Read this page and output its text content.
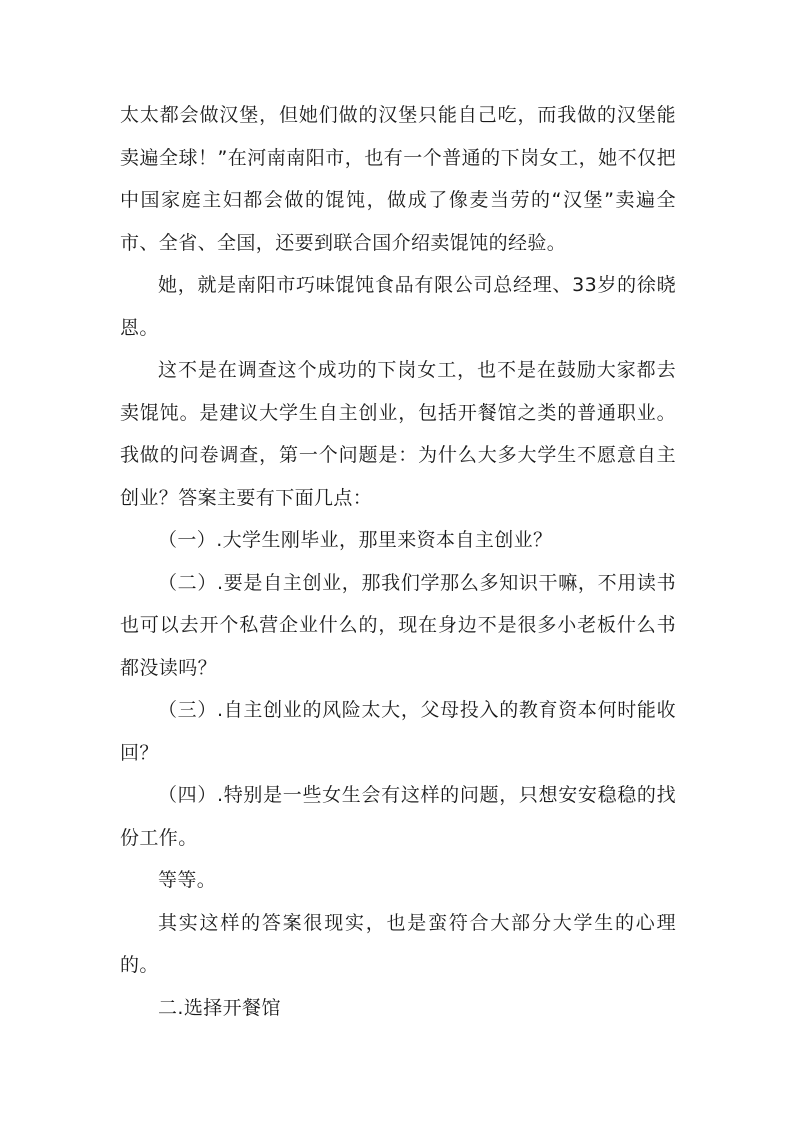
太太都会做汉堡，但她们做的汉堡只能自己吃，而我做的汉堡能卖遍全球！”在河南南阳市，也有一个普通的下岗女工，她不仅把中国家庭主妇都会做的馄饨，做成了像麦当劳的“汉堡”卖遍全市、全省、全国，还要到联合国介绍卖馄饨的经验。

她，就是南阳市巧味馄饨食品有限公司总经理、33岁的徐晓恩。

这不是在调查这个成功的下岗女工，也不是在鼓励大家都去卖馄饨。是建议大学生自主创业，包括开餐馆之类的普通职业。我做的问卷调查，第一个问题是：为什么大多大学生不愿意自主创业？答案主要有下面几点：

（一）.大学生刚毕业，那里来资本自主创业？

（二）.要是自主创业，那我们学那么多知识干嘛，不用读书也可以去开个私营企业什么的，现在身边不是很多小老板什么书都没读吗？

（三）.自主创业的风险太大，父母投入的教育资本何时能收回？

（四）.特别是一些女生会有这样的问题，只想安安稳稳的找份工作。

等等。

其实这样的答案很现实，也是蛮符合大部分大学生的心理的。

二.选择开餐馆
